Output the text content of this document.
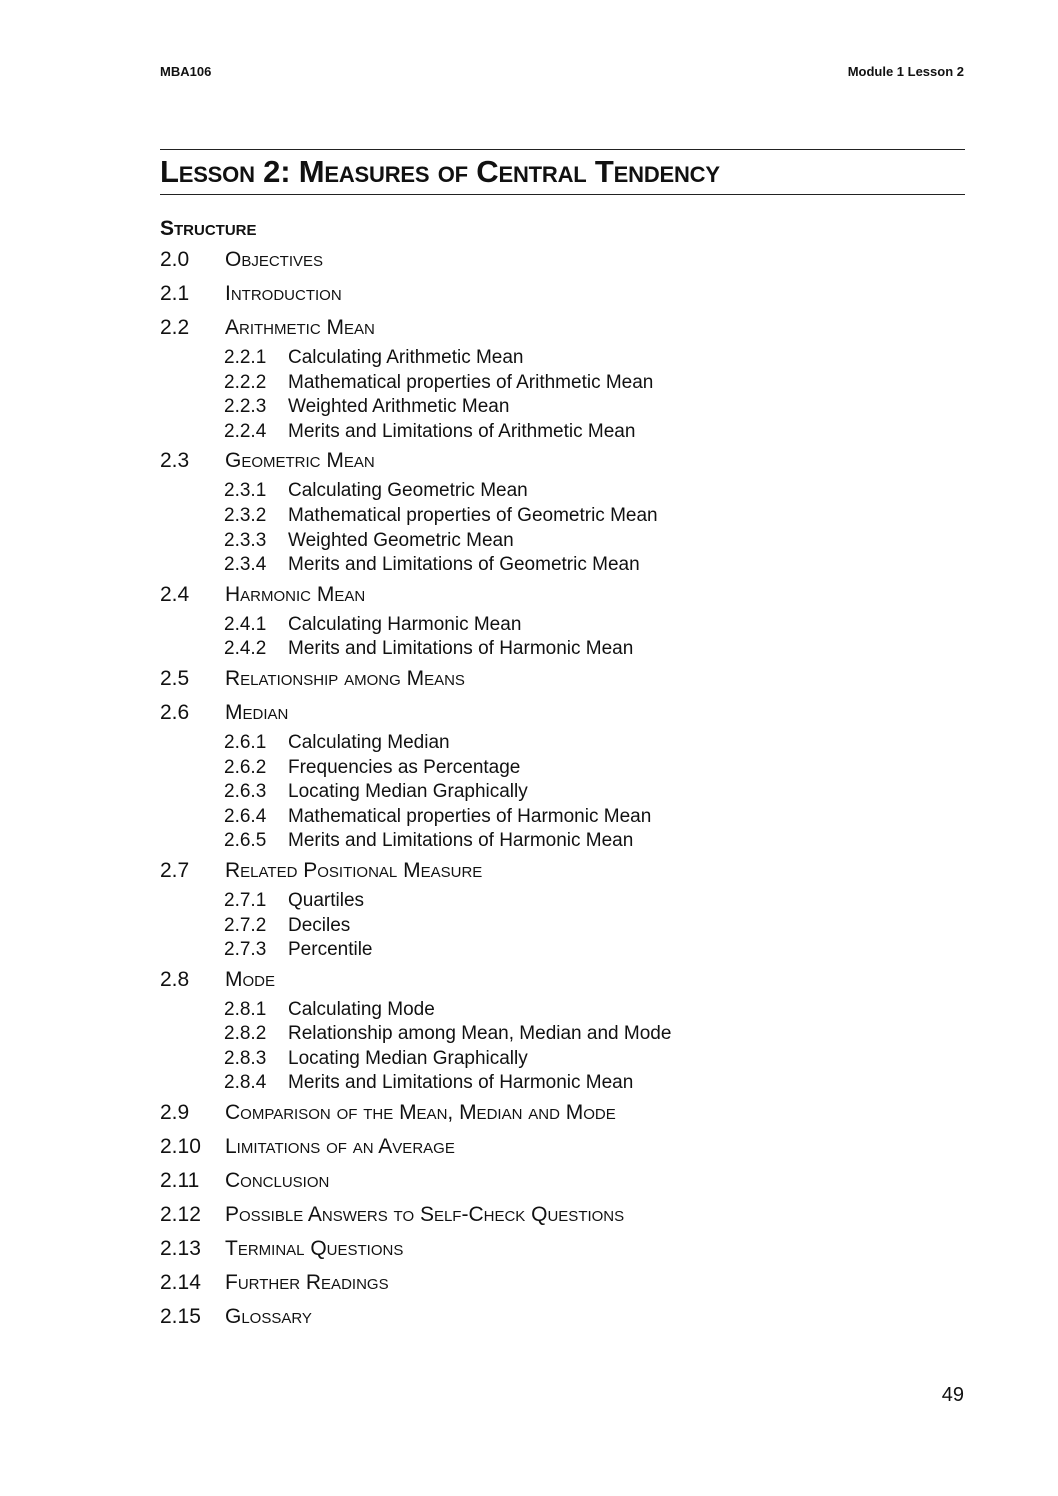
MBA106	Module 1 Lesson 2
Lesson 2: Measures of Central Tendency
Structure
2.0	Objectives
2.1	Introduction
2.2	Arithmetic Mean
2.2.1	Calculating Arithmetic Mean
2.2.2	Mathematical properties of Arithmetic Mean
2.2.3	Weighted Arithmetic Mean
2.2.4	Merits and Limitations of Arithmetic Mean
2.3	Geometric Mean
2.3.1	Calculating Geometric Mean
2.3.2	Mathematical properties of Geometric Mean
2.3.3	Weighted Geometric Mean
2.3.4	Merits and Limitations of Geometric Mean
2.4	Harmonic Mean
2.4.1	Calculating Harmonic Mean
2.4.2	Merits and Limitations of Harmonic Mean
2.5	Relationship among Means
2.6	Median
2.6.1	Calculating Median
2.6.2	Frequencies as Percentage
2.6.3	Locating Median Graphically
2.6.4	Mathematical properties of Harmonic Mean
2.6.5	Merits and Limitations of Harmonic Mean
2.7	Related Positional Measure
2.7.1	Quartiles
2.7.2	Deciles
2.7.3	Percentile
2.8	Mode
2.8.1	Calculating Mode
2.8.2	Relationship among Mean, Median and Mode
2.8.3	Locating Median Graphically
2.8.4	Merits and Limitations of Harmonic Mean
2.9	Comparison of the Mean, Median and Mode
2.10	Limitations of an Average
2.11	Conclusion
2.12	Possible Answers to Self-Check Questions
2.13	Terminal Questions
2.14	Further Readings
2.15	Glossary
49
